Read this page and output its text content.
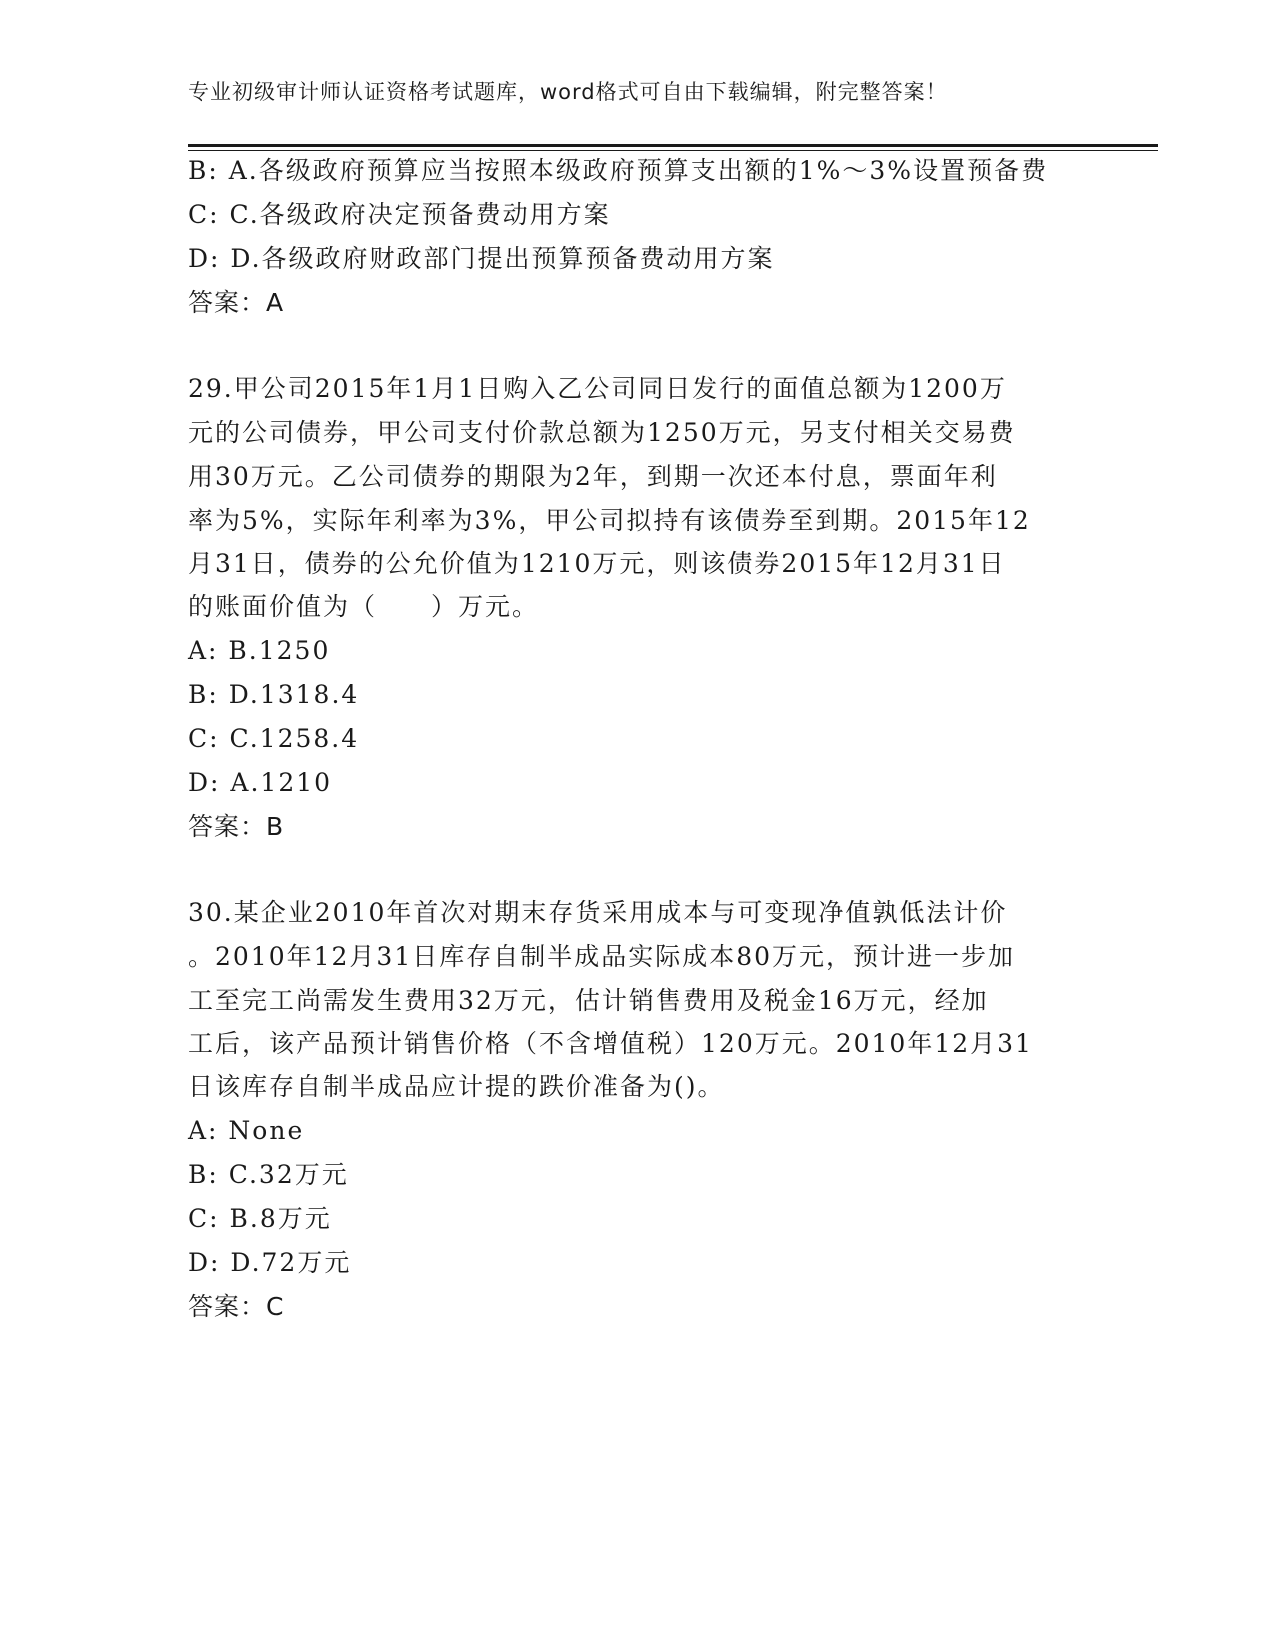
专业初级审计师认证资格考试题库，word格式可自由下载编辑，附完整答案！
B: A.各级政府预算应当按照本级政府预算支出额的1%～3%设置预备费
C: C.各级政府决定预备费动用方案
D: D.各级政府财政部门提出预算预备费动用方案
答案：A
29.甲公司2015年1月1日购入乙公司同日发行的面值总额为1200万
元的公司债券，甲公司支付价款总额为1250万元，另支付相关交易费
用30万元。乙公司债券的期限为2年，到期一次还本付息，票面年利
率为5%，实际年利率为3%，甲公司拟持有该债券至到期。2015年12
月31日，债券的公允价值为1210万元，则该债券2015年12月31日
的账面价值为（　　）万元。
A: B.1250
B: D.1318.4
C: C.1258.4
D: A.1210
答案：B
30.某企业2010年首次对期末存货采用成本与可变现净值孰低法计价
。2010年12月31日库存自制半成品实际成本80万元，预计进一步加
工至完工尚需发生费用32万元，估计销售费用及税金16万元，经加
工后，该产品预计销售价格（不含增值税）120万元。2010年12月31
日该库存自制半成品应计提的跌价准备为()。
A: None
B: C.32万元
C: B.8万元
D: D.72万元
答案：C
